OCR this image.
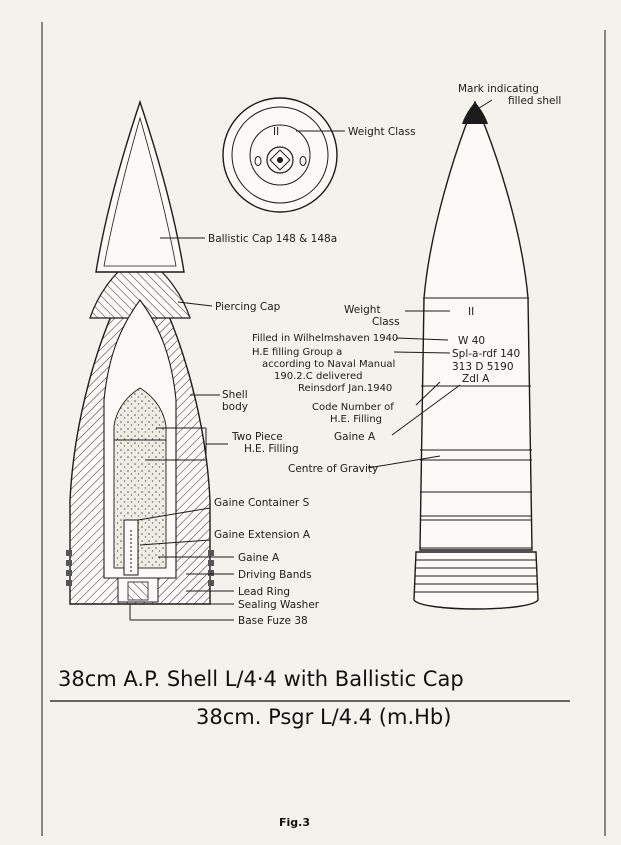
Ballistic Cap 148 & 148a
Piercing Cap
Shell
body
Two Piece
H.E. Filling
Gaine Container S
Gaine Extension A
Gaine A
Driving Bands
Lead Ring
Sealing Washer
Base Fuze 38
II	Weight Class
Mark indicating
filled shell
Weight
Class
II
Filled in Wilhelmshaven 1940	W 40
H.E filling Group a
according to Naval Manual
190.2.C delivered
Spl-a-rdf 140
313 D 5190
Reinsdorf Jan.1940
Zdl A
Code Number of
H.E. Filling
Gaine A
Centre of Gravity
38cm A.P. Shell L/4·4 with Ballistic Cap
38cm. Psgr L/4.4 (m.Hb)
Fig.3
